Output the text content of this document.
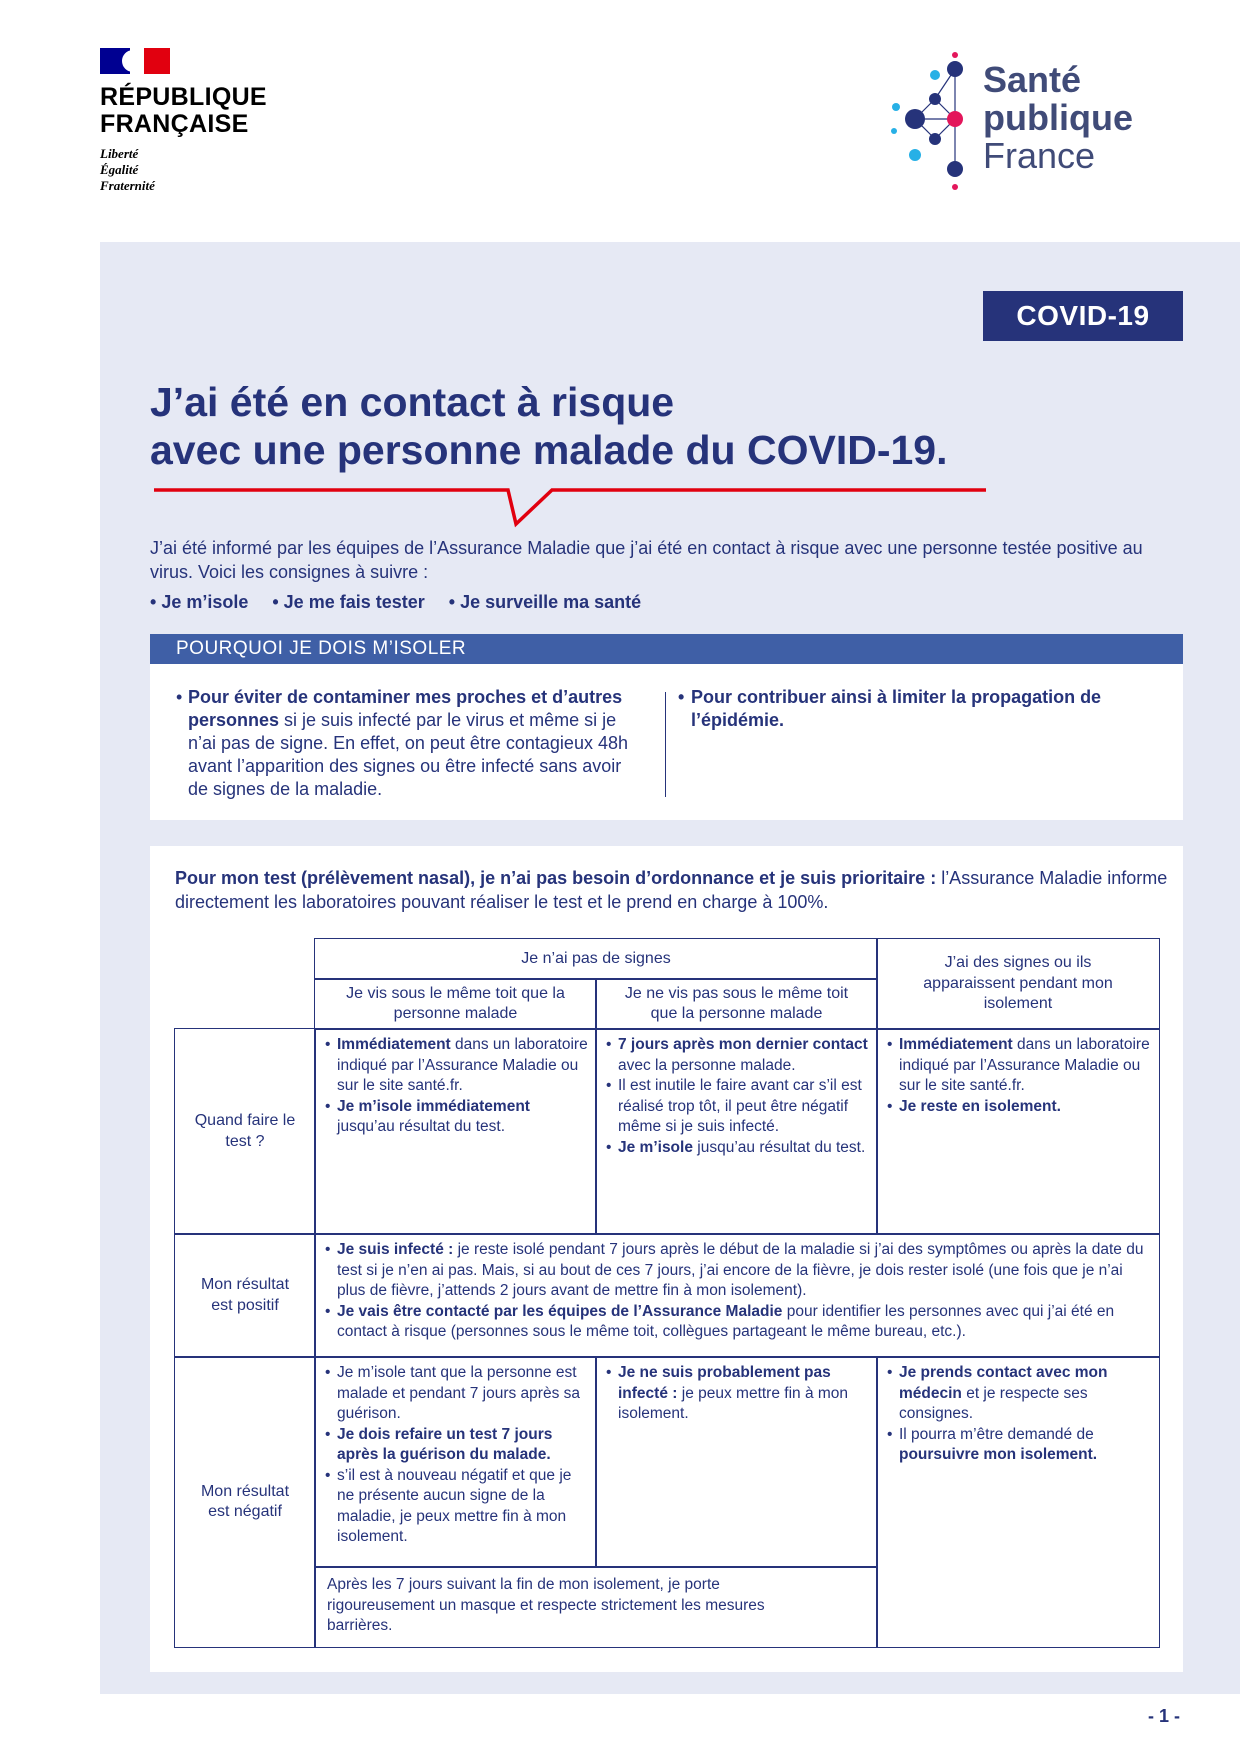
RÉPUBLIQUE
FRANÇAISE
Liberté
Égalité
Fraternité
Santé
publique
France
COVID-19
J’ai été en contact à risque
avec une personne malade du COVID-19.
J’ai été informé par les équipes de l’Assurance Maladie que j’ai été en contact à risque avec une personne testée positive au virus. Voici les consignes à suivre :
• Je m’isole	• Je me fais tester	• Je surveille ma santé
POURQUOI JE DOIS M’ISOLER
• Pour éviter de contaminer mes proches et d’autres personnes si je suis infecté par le virus et même si je n’ai pas de signe. En effet, on peut être contagieux 48h avant l’apparition des signes ou être infecté sans avoir de signes de la maladie.
• Pour contribuer ainsi à limiter la propagation de l’épidémie.
Pour mon test (prélèvement nasal), je n’ai pas besoin d’ordonnance et je suis prioritaire : l’Assurance Maladie informe directement les laboratoires pouvant réaliser le test et le prend en charge à 100%.
Je n’ai pas de signes
Je vis sous le même toit que la personne malade
Je ne vis pas sous le même toit que la personne malade
J’ai des signes ou ils apparaissent pendant mon isolement
Quand faire le test ?
Mon résultat est positif
Mon résultat est négatif
• Immédiatement dans un laboratoire indiqué par l’Assurance Maladie ou sur le site santé.fr.
• Je m’isole immédiatement jusqu’au résultat du test.
• 7 jours après mon dernier contact avec la personne malade.
• Il est inutile le faire avant car s’il est réalisé trop tôt, il peut être négatif même si je suis infecté.
• Je m’isole jusqu’au résultat du test.
• Immédiatement dans un laboratoire indiqué par l’Assurance Maladie ou sur le site santé.fr.
• Je reste en isolement.
• Je suis infecté : je reste isolé pendant 7 jours après le début de la maladie si j’ai des symptômes ou après la date du test si je n’en ai pas. Mais, si au bout de ces 7 jours, j’ai encore de la fièvre, je dois rester isolé (une fois que je n’ai plus de fièvre, j’attends 2 jours avant de mettre fin à mon isolement).
• Je vais être contacté par les équipes de l’Assurance Maladie pour identifier les personnes avec qui j’ai été en contact à risque (personnes sous le même toit, collègues partageant le même bureau, etc.).
• Je m’isole tant que la personne est malade et pendant 7 jours après sa guérison.
• Je dois refaire un test 7 jours après la guérison du malade.
• s’il est à nouveau négatif et que je ne présente aucun signe de la maladie, je peux mettre fin à mon isolement.
• Je ne suis probablement pas infecté : je peux mettre fin à mon isolement.
• Je prends contact avec mon médecin et je respecte ses consignes.
• Il pourra m’être demandé de poursuivre mon isolement.
Après les 7 jours suivant la fin de mon isolement, je porte rigoureusement un masque et respecte strictement les mesures barrières.
- 1 -
